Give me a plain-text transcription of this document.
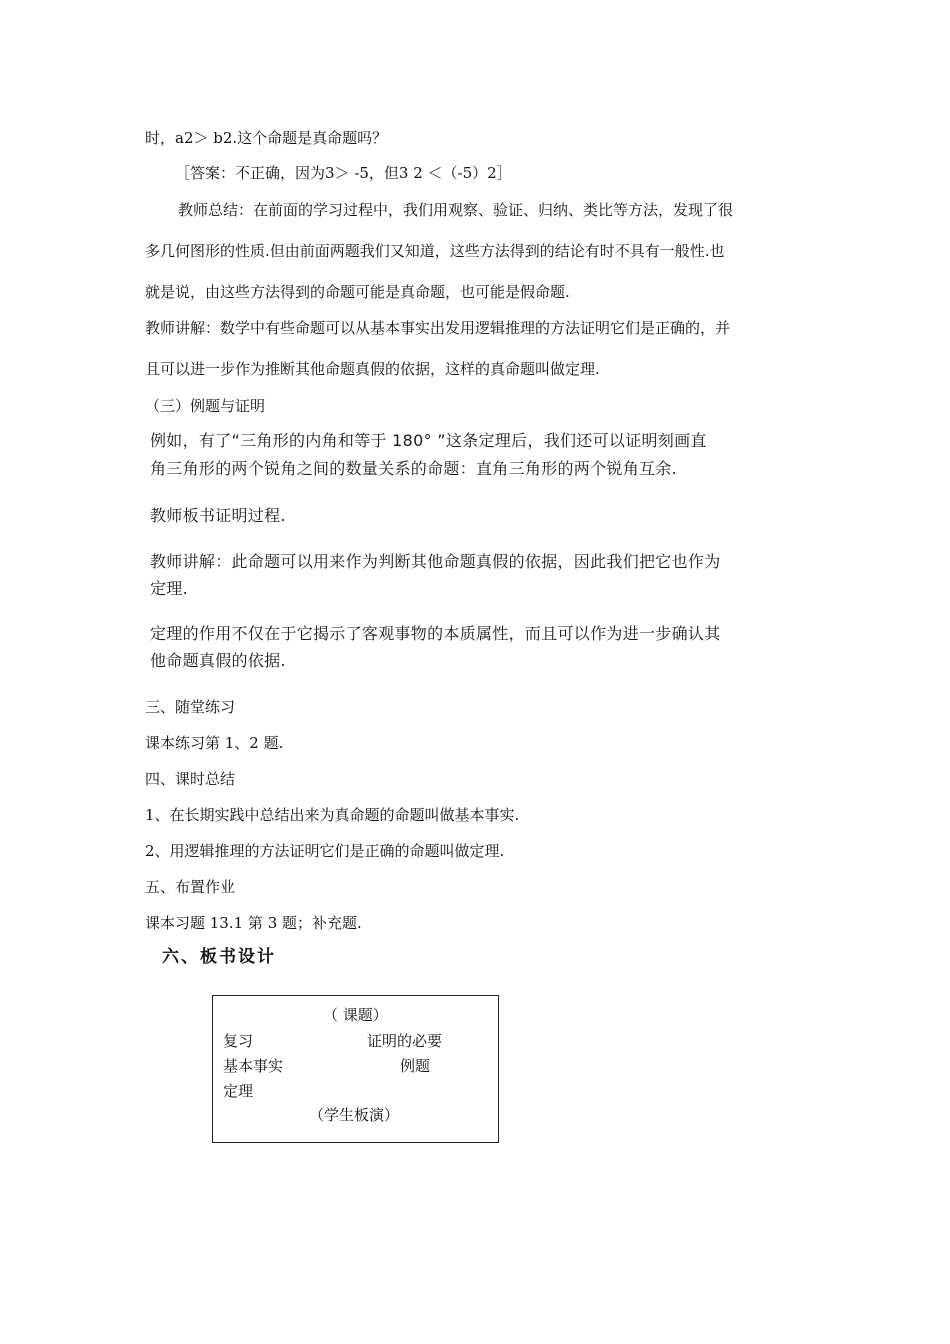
时，a2＞ b2.这个命题是真命题吗？
［答案：不正确，因为3＞ -5，但3 2 ＜（-5）2］
教师总结：在前面的学习过程中，我们用观察、验证、归纳、类比等方法，发现了很
多几何图形的性质.但由前面两题我们又知道，这些方法得到的结论有时不具有一般性.也
就是说，由这些方法得到的命题可能是真命题，也可能是假命题.
教师讲解：数学中有些命题可以从基本事实出发用逻辑推理的方法证明它们是正确的，并
且可以进一步作为推断其他命题真假的依据，这样的真命题叫做定理.
（三）例题与证明
例如，有了“三角形的内角和等于 180° ”这条定理后，我们还可以证明刻画直
角三角形的两个锐角之间的数量关系的命题：直角三角形的两个锐角互余.
教师板书证明过程.
教师讲解：此命题可以用来作为判断其他命题真假的依据，因此我们把它也作为
定理.
定理的作用不仅在于它揭示了客观事物的本质属性，而且可以作为进一步确认其
他命题真假的依据.
三、随堂练习
课本练习第 1、2 题.
四、课时总结
1、在长期实践中总结出来为真命题的命题叫做基本事实.
2、用逻辑推理的方法证明它们是正确的命题叫做定理.
五、布置作业
课本习题 13.1 第 3 题；补充题.
六、板书设计
（ 课题）
复习	证明的必要
基本事实	例题
定理
（学生板演）
